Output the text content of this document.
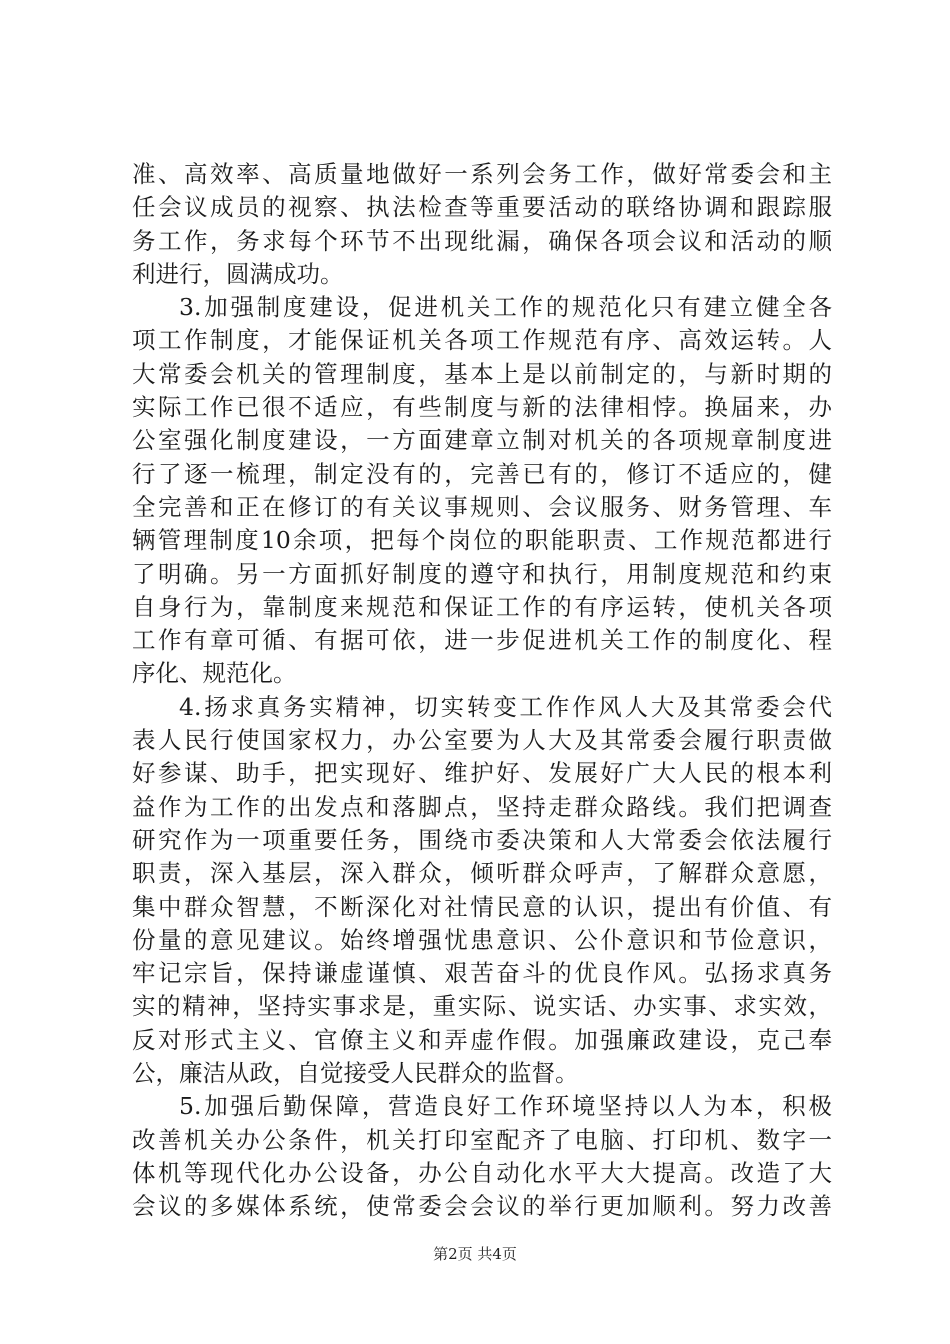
准、高效率、高质量地做好一系列会务工作，做好常委会和主
任会议成员的视察、执法检查等重要活动的联络协调和跟踪服
务工作，务求每个环节不出现纰漏，确保各项会议和活动的顺
利进行，圆满成功。
3.加强制度建设，促进机关工作的规范化只有建立健全各
项工作制度，才能保证机关各项工作规范有序、高效运转。人
大常委会机关的管理制度，基本上是以前制定的，与新时期的
实际工作已很不适应，有些制度与新的法律相悖。换届来，办
公室强化制度建设，一方面建章立制对机关的各项规章制度进
行了逐一梳理，制定没有的，完善已有的，修订不适应的，健
全完善和正在修订的有关议事规则、会议服务、财务管理、车
辆管理制度10余项，把每个岗位的职能职责、工作规范都进行
了明确。另一方面抓好制度的遵守和执行，用制度规范和约束
自身行为，靠制度来规范和保证工作的有序运转，使机关各项
工作有章可循、有据可依，进一步促进机关工作的制度化、程
序化、规范化。
4.扬求真务实精神，切实转变工作作风人大及其常委会代
表人民行使国家权力，办公室要为人大及其常委会履行职责做
好参谋、助手，把实现好、维护好、发展好广大人民的根本利
益作为工作的出发点和落脚点，坚持走群众路线。我们把调查
研究作为一项重要任务，围绕市委决策和人大常委会依法履行
职责，深入基层，深入群众，倾听群众呼声，了解群众意愿，
集中群众智慧，不断深化对社情民意的认识，提出有价值、有
份量的意见建议。始终增强忧患意识、公仆意识和节俭意识，
牢记宗旨，保持谦虚谨慎、艰苦奋斗的优良作风。弘扬求真务
实的精神，坚持实事求是，重实际、说实话、办实事、求实效，
反对形式主义、官僚主义和弄虚作假。加强廉政建设，克己奉
公，廉洁从政，自觉接受人民群众的监督。
5.加强后勤保障，营造良好工作环境坚持以人为本，积极
改善机关办公条件，机关打印室配齐了电脑、打印机、数字一
体机等现代化办公设备，办公自动化水平大大提高。改造了大
会议的多媒体系统，使常委会会议的举行更加顺利。努力改善
第2页 共4页
